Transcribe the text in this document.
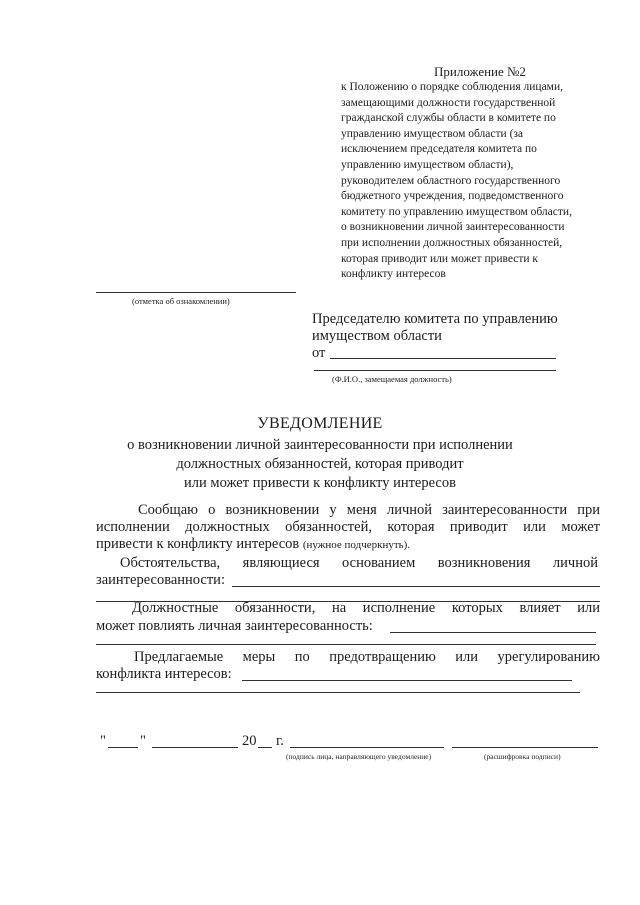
Приложение №2
к Положению о порядке соблюдения лицами,
замещающими должности государственной
гражданской службы области в комитете по
управлению имуществом области (за
исключением председателя комитета по
управлению имуществом области),
руководителем областного государственного
бюджетного учреждения, подведомственного
комитету по управлению имуществом области,
о возникновении личной заинтересованности
при исполнении должностных обязанностей,
которая приводит или может привести к
конфликту интересов
(отметка об ознакомлении)
Председателю комитета по управлению
имуществом области
от
(Ф.И.О., замещаемая должность)
УВЕДОМЛЕНИЕ
о возникновении личной заинтересованности при исполнении
должностных обязанностей, которая приводит
или может привести к конфликту интересов
Сообщаю о возникновении у меня личной заинтересованности при
исполнении должностных обязанностей, которая приводит или может
привести к конфликту интересов (нужное подчеркнуть).
Обстоятельства, являющиеся основанием возникновения личной
заинтересованности:
Должностные обязанности, на исполнение которых влияет или
может повлиять личная заинтересованность:
Предлагаемые меры по предотвращению или урегулированию
конфликта интересов:
" "	20 г.
(подпись лица, направляющего уведомление)	(расшифровка подписи)
